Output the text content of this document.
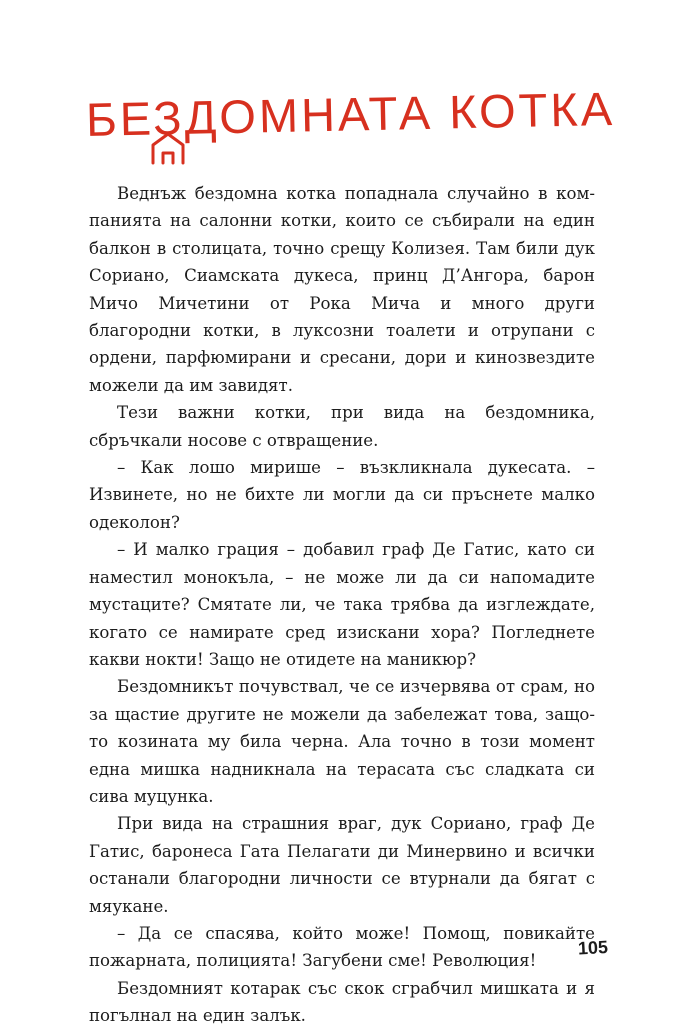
БЕЗДОМНАТА КОТКА

Веднъж бездомна котка попаднала случайно в компанията на салонни котки, които се събирали на един балкон в столицата, точно срещу Колизея. Там били дук Сориано, Сиамската дукеса, принц Д’Ангора, барон Мичо Мичетини от Рока Мича и много други благородни котки, в луксозни тоалети и отрупани с ордени, парфюмирани и сресани, дори и кинозвездите можели да им завидят.

Тези важни котки, при вида на бездомника, сбръчкали носове с отвращение.

– Как лошо мирише – възкликнала дукесата. – Извинете, но не бихте ли могли да си пръснете малко одеколон?

– И малко грация – добавил граф Де Гатис, като си наместил монокъла, – не може ли да си напомадите мустаците? Смятате ли, че така трябва да изглеждате, когато се намирате сред изискани хора? Погледнете какви нокти! Защо не отидете на маникюр?

Бездомникът почувствал, че се изчервява от срам, но за щастие другите не можели да забележат това, защото козината му била черна. Ала точно в този момент една мишка надникнала на терасата със сладката си сива муцунка.

При вида на страшния враг, дук Сориано, граф Де Гатис, баронеса Гата Пелагати ди Минервино и всички останали благородни личности се втурнали да бягат с мяукане.

– Да се спасява, който може! Помощ, повикайте пожарната, полицията! Загубени сме! Революция!

Бездомният котарак със скок сграбчил мишката и я погълнал на един залък.

105
